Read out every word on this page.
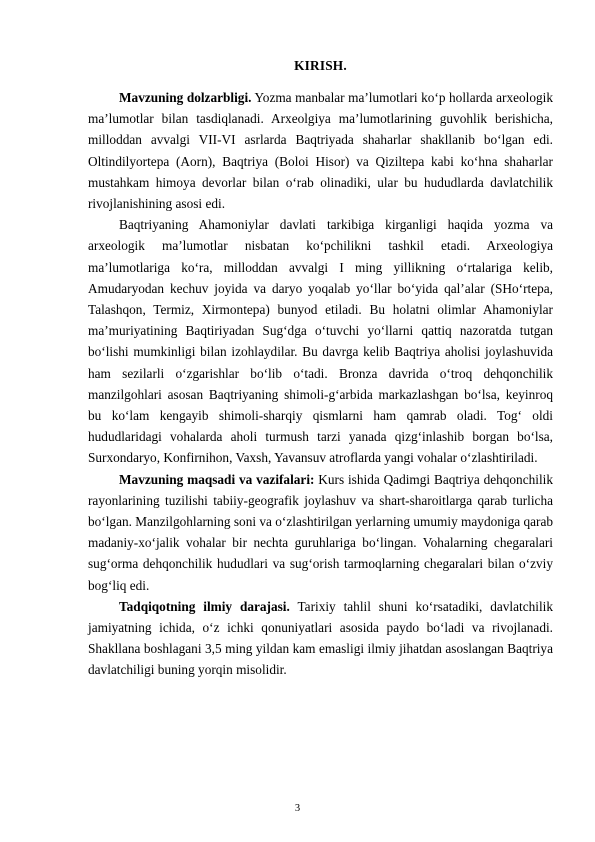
KIRISH.

Mavzuning dolzarbligi. Yozma manbalar ma’lumotlari ko‘p hollarda arxeologik ma’lumotlar bilan tasdiqlanadi. Arxeolgiya ma’lumotlarining guvohlik berishicha, milloddan avvalgi VII-VI asrlarda Baqtriyada shaharlar shakllanib bo‘lgan edi. Oltindilyortepa (Aorn), Baqtriya (Boloi Hisor) va Qiziltepa kabi ko‘hna shaharlar mustahkam himoya devorlar bilan o‘rab olinadiki, ular bu hududlarda davlatchilik rivojlanishining asosi edi.

Baqtriyaning Ahamoniylar davlati tarkibiga kirganligi haqida yozma va arxeologik ma’lumotlar nisbatan ko‘pchilikni tashkil etadi. Arxeologiya ma’lumotlariga ko‘ra, milloddan avvalgi I ming yillikning o‘rtalariga kelib, Amudaryodan kechuv joyida va daryo yoqalab yo‘llar bo‘yida qal’alar (SHo‘rtepa, Talashqon, Termiz, Xirmontepa) bunyod etiladi. Bu holatni olimlar Ahamoniylar ma’muriyatining Baqtiriyadan Sug‘dga o‘tuvchi yo‘llarni qattiq nazoratda tutgan bo‘lishi mumkinligi bilan izohlaydilar. Bu davrga kelib Baqtriya aholisi joylashuvida ham sezilarli o‘zgarishlar bo‘lib o‘tadi. Bronza davrida o‘troq dehqonchilik manzilgohlari asosan Baqtriyaning shimoli-g‘arbida markazlashgan bo‘lsa, keyinroq bu ko‘lam kengayib shimoli-sharqiy qismlarni ham qamrab oladi. Tog‘ oldi hududlaridagi vohalarda aholi turmush tarzi yanada qizg‘inlashib borgan bo‘lsa, Surxondaryo, Konfirnihon, Vaxsh, Yavansuv atroflarda yangi vohalar o‘zlashtiriladi.

Mavzuning maqsadi va vazifalari: Kurs ishida Qadimgi Baqtriya dehqonchilik rayonlarining tuzilishi tabiiy-geografik joylashuv va shart-sharoitlarga qarab turlicha bo‘lgan. Manzilgohlarning soni va o‘zlashtirilgan yerlarning umumiy maydoniga qarab madaniy-xo‘jalik vohalar bir nechta guruhlariga bo‘lingan. Vohalarning chegaralari sug‘orma dehqonchilik hududlari va sug‘orish tarmoqlarning chegaralari bilan o‘zviy bog‘liq edi.

Tadqiqotning ilmiy darajasi. Tarixiy tahlil shuni ko‘rsatadiki, davlatchilik jamiyatning ichida, o‘z ichki qonuniyatlari asosida paydo bo‘ladi va rivojlanadi. Shakllana boshlagani 3,5 ming yildan kam emasligi ilmiy jihatdan asoslangan Baqtriya davlatchiligi buning yorqin misolidir.

3
